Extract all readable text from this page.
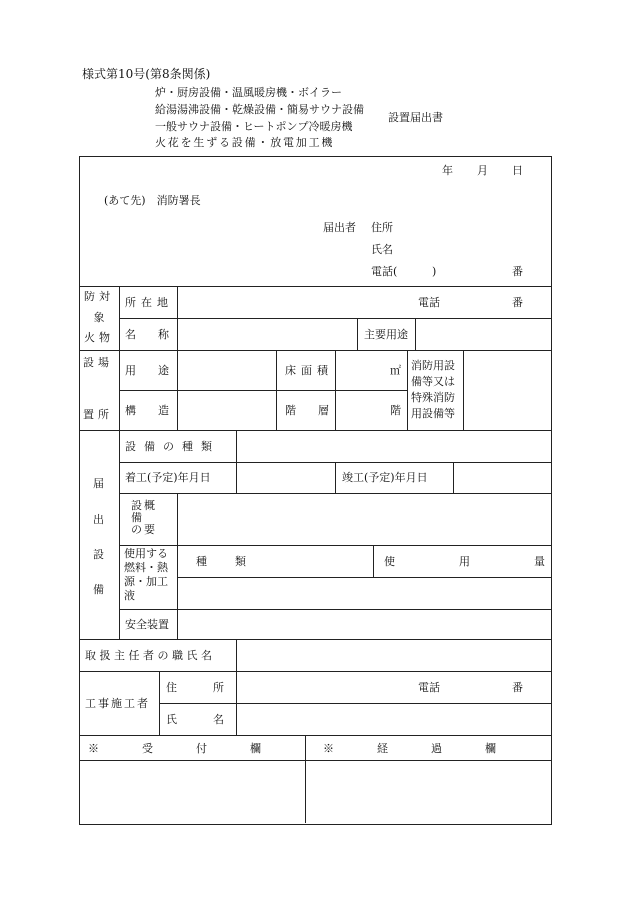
様式第10号(第8条関係)
炉・厨房設備・温風暖房機・ボイラー
給湯湯沸設備・乾燥設備・簡易サウナ設備
一般サウナ設備・ヒートポンプ冷暖房機
火花を生ずる設備・放電加工機
設置届出書
年 月 日
(あて先)　消防署長
届出者 住所
氏名
電話(	)	番
防対
象
火物
所在地	電話	番
名称	主要用途
設場
置所
用途	床面積	㎡ 消防用設
備等又は
特殊消防
用設備等
構造	階層	階
届
出
設
備
設備の種類
着工(予定)年月日	竣工(予定)年月日
設概
備
の要
使用する
燃料・熱
源・加工
液
種　　類	使用量
安全装置
取扱主任者の職氏名
工事施工者
住所	電話	番
氏名
※受付欄 ※経過欄
